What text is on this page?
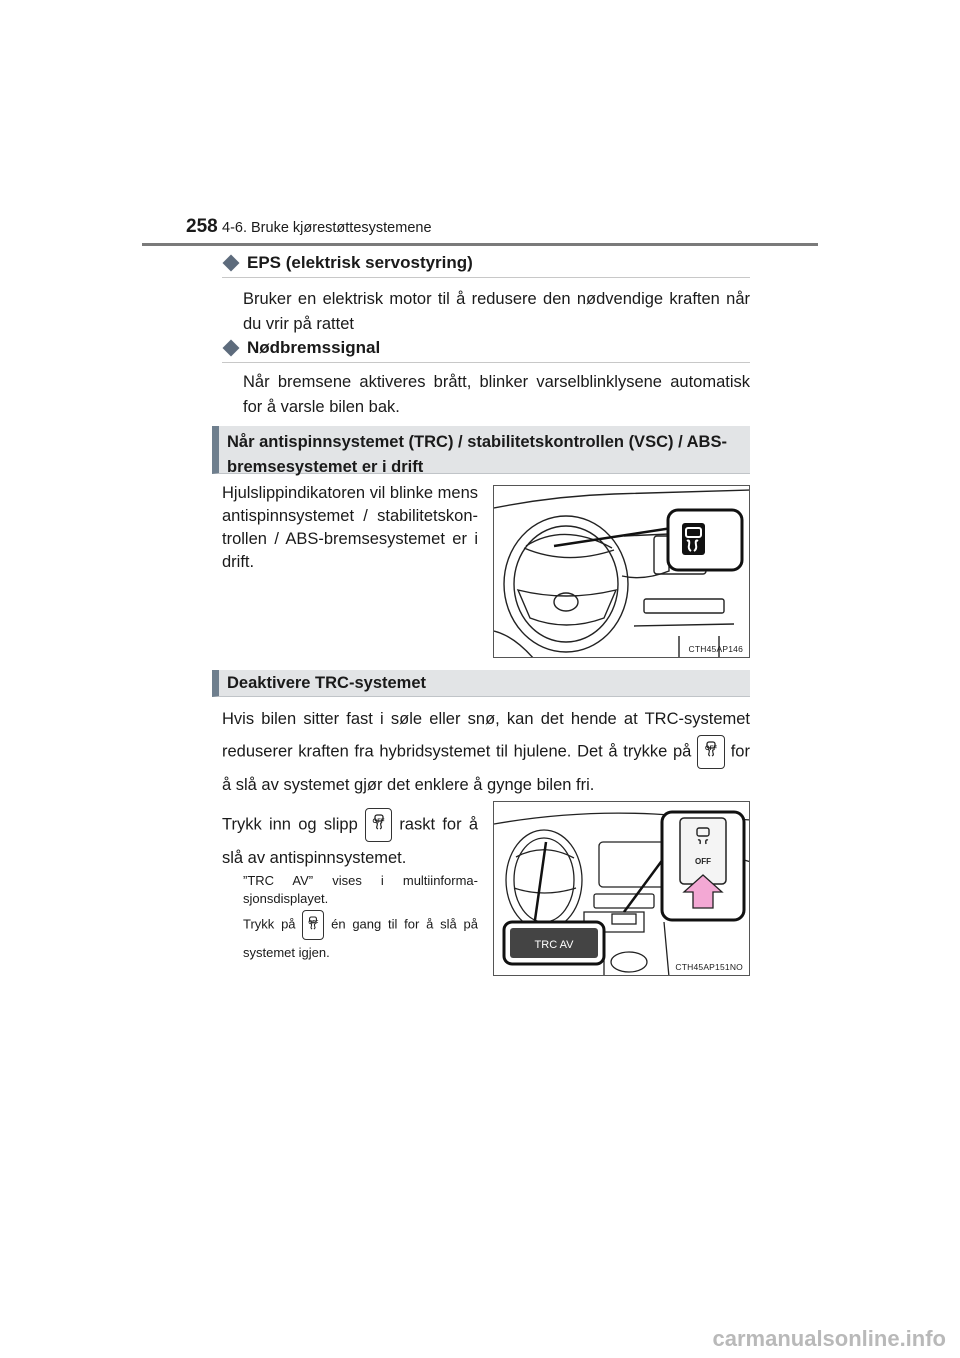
258 4-6. Bruke kjørestøttesystemene
EPS (elektrisk servostyring)
Bruker en elektrisk motor til å redusere den nødvendige kraften når du vrir på rattet
Nødbremssignal
Når bremsene aktiveres brått, blinker varselblinklysene automatisk for å varsle bilen bak.
Når antispinnsystemet (TRC) / stabilitetskontrollen (VSC) / ABS-bremsesystemet er i drift
Hjulslippindikatoren vil blinke mens antispinnsystemet / stabilitetskon-trollen / ABS-bremsesystemet er i drift.
CTH45AP146
Deaktivere TRC-systemet
Hvis bilen sitter fast i søle eller snø, kan det hende at TRC-systemet reduserer kraften fra hybridsystemet til hjulene. Det å trykke på	OFF for å slå av systemet gjør det enklere å gynge bilen fri.
Trykk inn og slipp	OFF raskt for å slå av antispinnsystemet.
”TRC AV” vises i multiinforma-sjonsdisplayet.
Trykk på	OFF én gang til for å slå på systemet igjen.
OFF
TRC AV
CTH45AP151NO
carmanualsonline.info
